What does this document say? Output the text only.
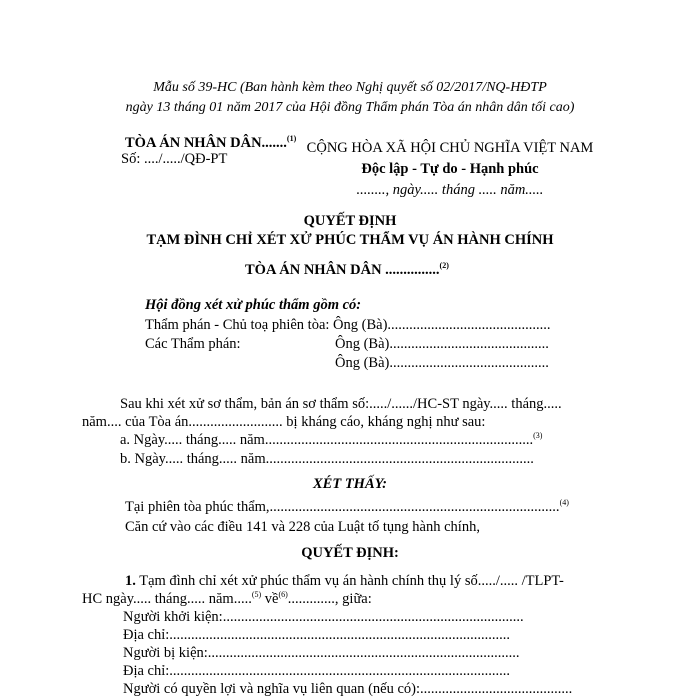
Mẫu số 39-HC (Ban hành kèm theo Nghị quyết số 02/2017/NQ-HĐTP
ngày 13 tháng 01 năm 2017 của Hội đồng Thẩm phán Tòa án nhân dân tối cao)
TÒA ÁN NHÂN DÂN.......$^{(1)}$
Số: ..../...../QĐ-PT
CỘNG HÒA XÃ HỘI CHỦ NGHĨA VIỆT NAM
Độc lập - Tự do - Hạnh phúc
........, ngày..... tháng ..... năm.....
QUYẾT ĐỊNH
TẠM ĐÌNH CHỈ XÉT XỬ PHÚC THẨM VỤ ÁN HÀNH CHÍNH
TÒA ÁN NHÂN DÂN ...............$^{(2)}$
Hội đồng xét xử phúc thẩm gồm có:
Thẩm phán - Chủ toạ phiên tòa: Ông (Bà).............................................
Các Thẩm phán:	Ông (Bà)............................................
Ông (Bà)............................................
Sau khi xét xử sơ thẩm, bản án sơ thẩm số:...../....../HC-ST ngày..... tháng.....
năm.... của Tòa án.......................... bị kháng cáo, kháng nghị như sau:
a. Ngày..... tháng..... năm..........................................................................$^{(3)}$
b. Ngày..... tháng..... năm..........................................................................
XÉT THẤY:
Tại phiên tòa phúc thẩm,................................................................................$^{(4)}$
Căn cứ vào các điều 141 và 228 của Luật tố tụng hành chính,
QUYẾT ĐỊNH:
1. Tạm đình chỉ xét xử phúc thẩm vụ án hành chính thụ lý số...../..... /TLPT-
HC ngày..... tháng..... năm.....$^{(5)}$ về$^{(6)}$............., giữa:
Người khởi kiện:...................................................................................
Địa chỉ:..............................................................................................
Người bị kiện:......................................................................................
Địa chỉ:..............................................................................................
Người có quyền lợi và nghĩa vụ liên quan (nếu có):..........................................
